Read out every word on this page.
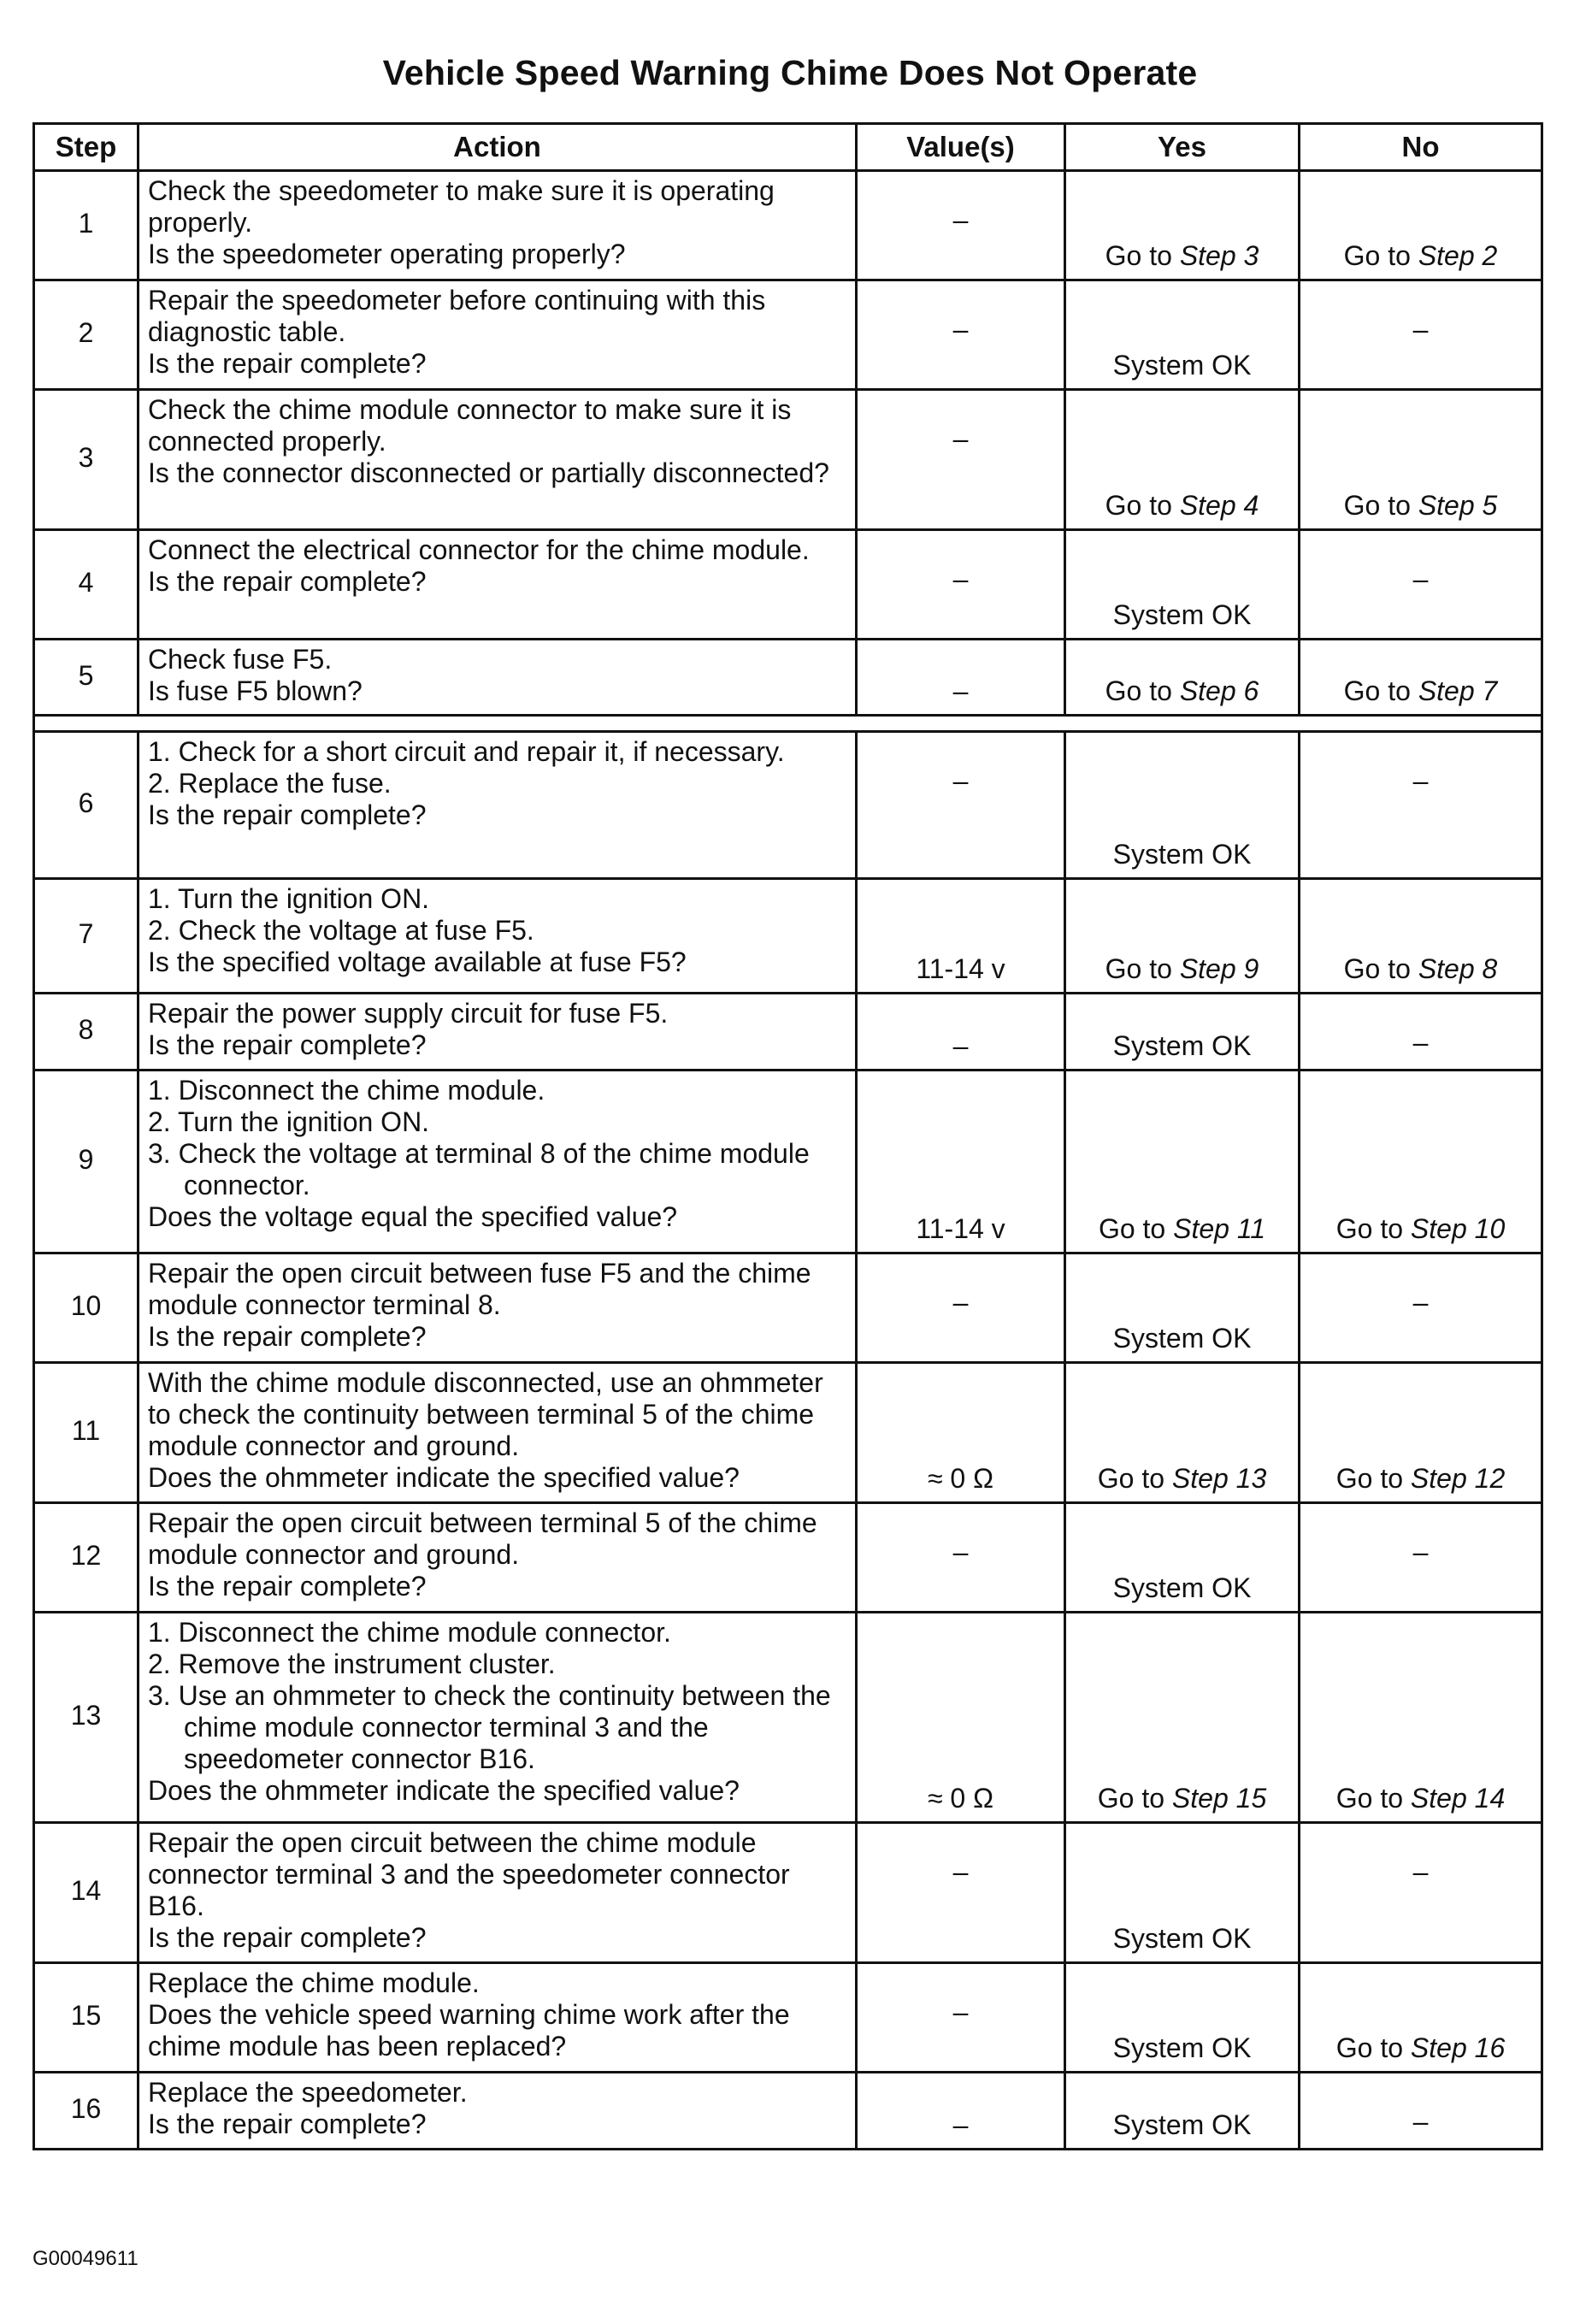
Vehicle Speed Warning Chime Does Not Operate
Step	Action	Value(s)	Yes	No
1	Check the speedometer to make sure it is operating properly.
Is the speedometer operating properly?	–	Go to Step 3	Go to Step 2
2	Repair the speedometer before continuing with this diagnostic table.
Is the repair complete?	–	System OK	–

3	Check the chime module connector to make sure it is connected properly.
Is the connector disconnected or partially disconnected?	–	Go to Step 4	Go to Step 5
4	Connect the electrical connector for the chime module.
Is the repair complete?	–	System OK	–

5	Check fuse F5.
Is fuse F5 blown?	–	Go to Step 6	Go to Step 7

6	1. Check for a short circuit and repair it, if necessary.
2. Replace the fuse.
Is the repair complete?	–	System OK	–

7	1. Turn the ignition ON.
2. Check the voltage at fuse F5.
Is the specified voltage available at fuse F5?	11-14 v	Go to Step 9	Go to Step 8
8	Repair the power supply circuit for fuse F5.
Is the repair complete?	–	System OK	–

9	1. Disconnect the chime module.
2. Turn the ignition ON.
3. Check the voltage at terminal 8 of the chime module connector.
Does the voltage equal the specified value?	11-14 v	Go to Step 11	Go to Step 10
10	Repair the open circuit between fuse F5 and the chime module connector terminal 8.
Is the repair complete?	–	System OK	–

11	With the chime module disconnected, use an ohmmeter to check the continuity between terminal 5 of the chime module connector and ground.
Does the ohmmeter indicate the specified value?	≈ 0 Ω	Go to Step 13	Go to Step 12
12	Repair the open circuit between terminal 5 of the chime module connector and ground.
Is the repair complete?	–	System OK	–

13	1. Disconnect the chime module connector.
2. Remove the instrument cluster.
3. Use an ohmmeter to check the continuity between the chime module connector terminal 3 and the speedometer connector B16.
Does the ohmmeter indicate the specified value?	≈ 0 Ω	Go to Step 15	Go to Step 14
14	Repair the open circuit between the chime module connector terminal 3 and the speedometer connector B16.
Is the repair complete?	–	System OK	–

15	Replace the chime module.
Does the vehicle speed warning chime work after the chime module has been replaced?	–	System OK	Go to Step 16
16	Replace the speedometer.
Is the repair complete?	–	System OK	–
G00049611
